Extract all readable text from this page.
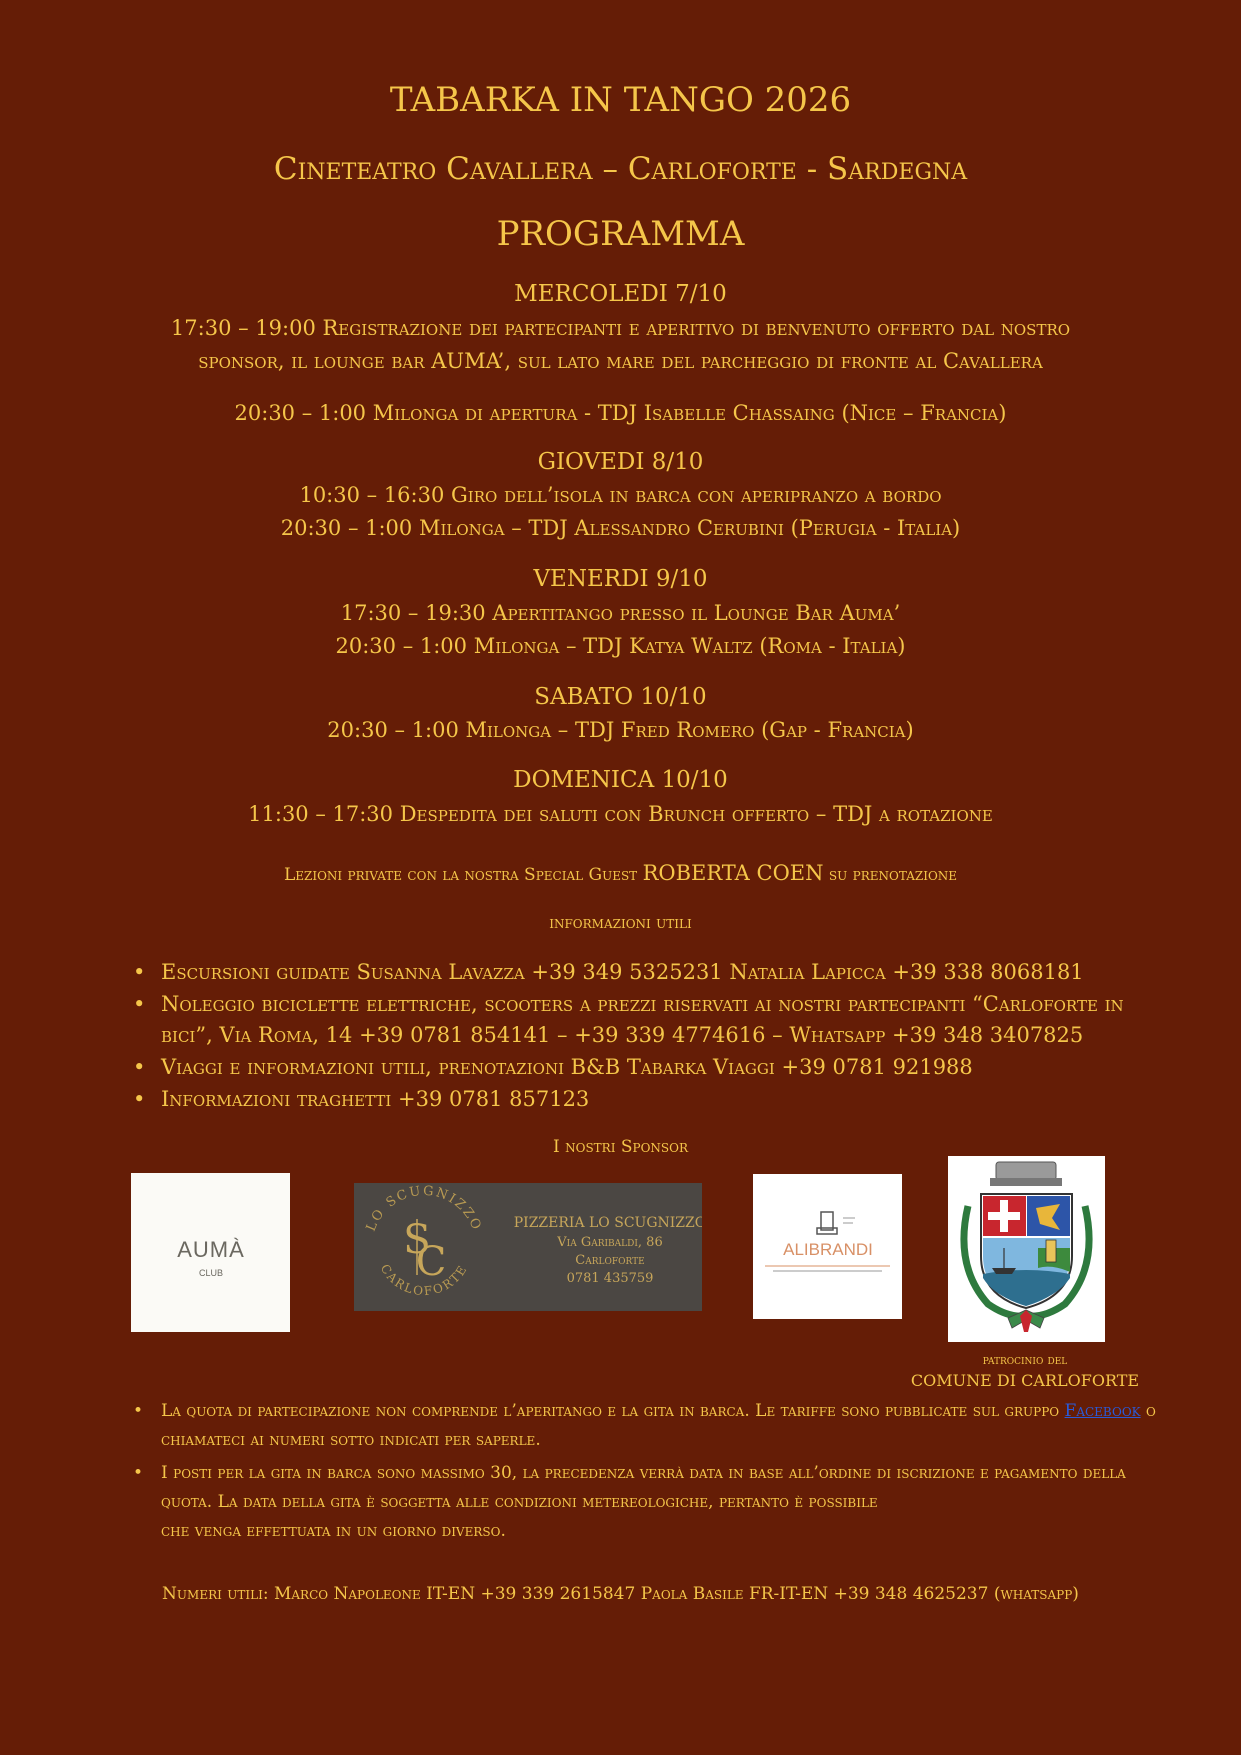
TABARKA IN TANGO 2026
Cineteatro Cavallera – Carloforte - Sardegna
PROGRAMMA
MERCOLEDI 7/10
17:30 – 19:00 Registrazione dei partecipanti e aperitivo di benvenuto offerto dal nostro
sponsor, il lounge bar AUMA’, sul lato mare del parcheggio di fronte al Cavallera
20:30 – 1:00 Milonga di apertura - TDJ Isabelle Chassaing (Nice – Francia)
GIOVEDI 8/10
10:30 – 16:30 Giro dell’isola in barca con aperipranzo a bordo
20:30 – 1:00 Milonga – TDJ Alessandro Cerubini (Perugia - Italia)
VENERDI 9/10
17:30 – 19:30 Apertitango presso il Lounge Bar Auma’
20:30 – 1:00 Milonga – TDJ Katya Waltz (Roma - Italia)
SABATO 10/10
20:30 – 1:00 Milonga – TDJ Fred Romero (Gap - Francia)
DOMENICA 10/10
11:30 – 17:30 Despedita dei saluti con Brunch offerto – TDJ a rotazione
Lezioni private con la nostra Special Guest ROBERTA COEN su prenotazione
informazioni utili
• Escursioni guidate Susanna Lavazza +39 349 5325231 Natalia Lapicca +39 338 8068181
• Noleggio biciclette elettriche, scooters a prezzi riservati ai nostri partecipanti “Carloforte in bici”, Via Roma, 14 +39 0781 854141 – +39 339 4774616 – Whatsapp +39 348 3407825
• Viaggi e informazioni utili, prenotazioni B&B Tabarka Viaggi +39 0781 921988
• Informazioni traghetti +39 0781 857123
I nostri Sponsor
aumà
club
LO SCUGNIZZO
CARLOFORTE
S
C
PIZZERIA LO SCUGNIZZO
Via Garibaldi, 86
Carloforte
0781 435759
ALIBRANDI
patrocinio del
COMUNE DI CARLOFORTE
• La quota di partecipazione non comprende l’aperitango e la gita in barca. Le tariffe sono pubblicate sul gruppo Facebook o chiamateci ai numeri sotto indicati per saperle.
• I posti per la gita in barca sono massimo 30, la precedenza verrà data in base all’ordine di iscrizione e pagamento della quota. La data della gita è soggetta alle condizioni metereologiche, pertanto è possibile
che venga effettuata in un giorno diverso.
Numeri utili: Marco Napoleone IT-EN +39 339 2615847 Paola Basile FR-IT-EN +39 348 4625237 (whatsapp)
